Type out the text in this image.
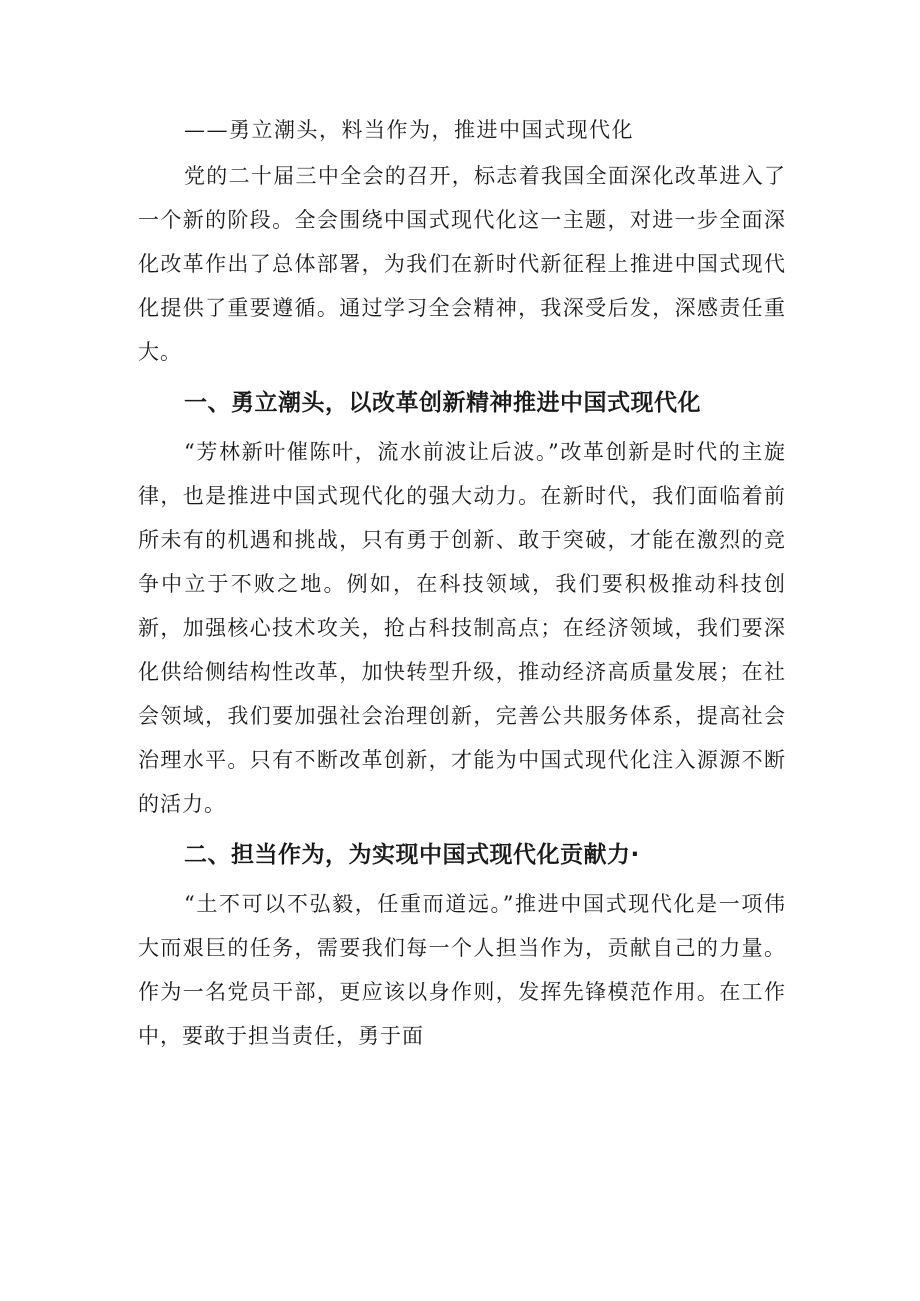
——勇立潮头，料当作为，推进中国式现代化

党的二十届三中全会的召开，标志着我国全面深化改革进入了一个新的阶段。全会围绕中国式现代化这一主题，对进一步全面深化改革作出了总体部署，为我们在新时代新征程上推进中国式现代化提供了重要遵循。通过学习全会精神，我深受后发，深感责任重大。

一、勇立潮头，以改革创新精神推进中国式现代化

“芳林新叶催陈叶，流水前波让后波。”改革创新是时代的主旋律，也是推进中国式现代化的强大动力。在新时代，我们面临着前所未有的机遇和挑战，只有勇于创新、敢于突破，才能在激烈的竞争中立于不败之地。例如，在科技领域，我们要积极推动科技创新，加强核心技术攻关，抢占科技制高点；在经济领域，我们要深化供给侧结构性改革，加快转型升级，推动经济高质量发展；在社会领域，我们要加强社会治理创新，完善公共服务体系，提高社会治理水平。只有不断改革创新，才能为中国式现代化注入源源不断的活力。

二、担当作为，为实现中国式现代化贡献力·

“土不可以不弘毅，任重而道远。”推进中国式现代化是一项伟大而艰巨的任务，需要我们每一个人担当作为，贡献自己的力量。作为一名党员干部，更应该以身作则，发挥先锋模范作用。在工作中，要敢于担当责任，勇于面
